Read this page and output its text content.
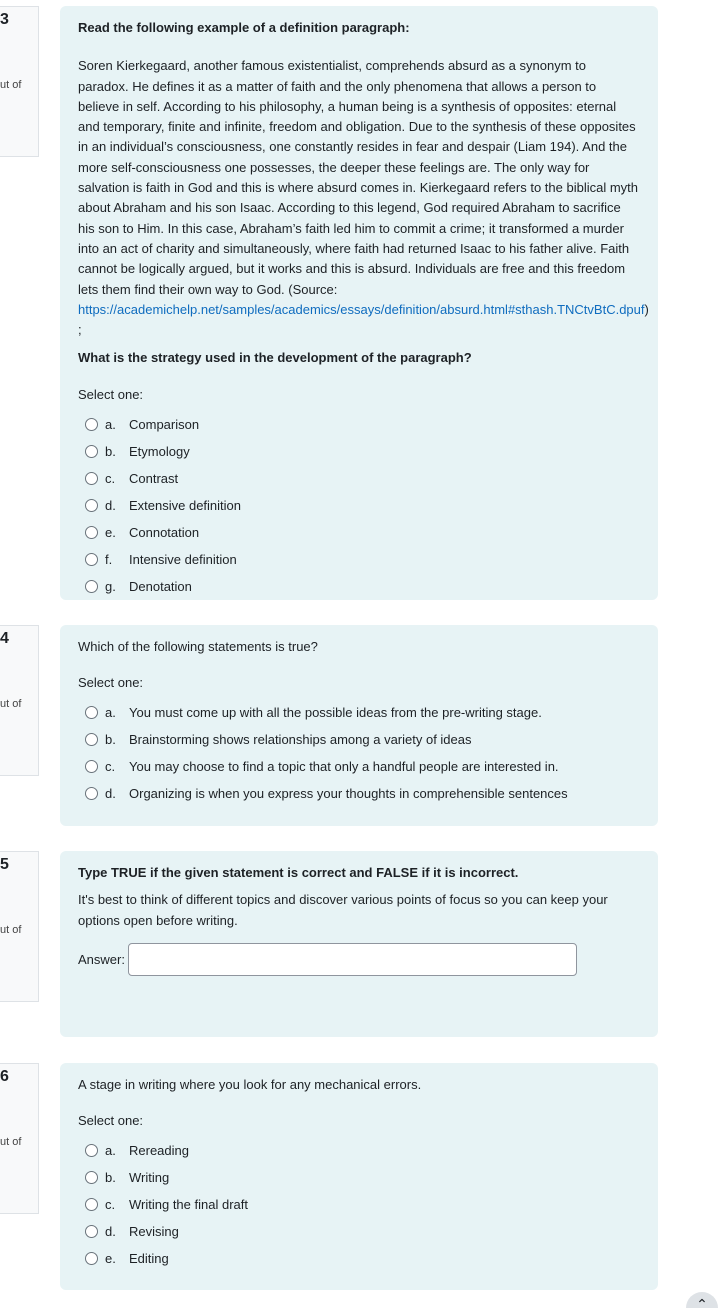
3
ut of
Read the following example of a definition paragraph:
Soren Kierkegaard, another famous existentialist, comprehends absurd as a synonym to paradox. He defines it as a matter of faith and the only phenomena that allows a person to believe in self. According to his philosophy, a human being is a synthesis of opposites: eternal and temporary, finite and infinite, freedom and obligation. Due to the synthesis of these opposites in an individual’s consciousness, one constantly resides in fear and despair (Liam 194). And the more self-consciousness one possesses, the deeper these feelings are. The only way for salvation is faith in God and this is where absurd comes in. Kierkegaard refers to the biblical myth about Abraham and his son Isaac. According to this legend, God required Abraham to sacrifice his son to Him. In this case, Abraham’s faith led him to commit a crime; it transformed a murder into an act of charity and simultaneously, where faith had returned Isaac to his father alive. Faith cannot be logically argued, but it works and this is absurd. Individuals are free and this freedom lets them find their own way to God. (Source: https://academichelp.net/samples/academics/essays/definition/absurd.html#sthash.TNCtvBtC.dpuf) ;
What is the strategy used in the development of the paragraph?
Select one:
a.	Comparison
b.	Etymology
c.	Contrast
d.	Extensive definition
e.	Connotation
f.	Intensive definition
g.	Denotation
4
ut of
Which of the following statements is true?
Select one:
a.	You must come up with all the possible ideas from the pre-writing stage.
b.	Brainstorming shows relationships among a variety of ideas
c.	You may choose to find a topic that only a handful people are interested in.
d.	Organizing is when you express your thoughts in comprehensible sentences
5
ut of
Type TRUE if the given statement is correct and FALSE if it is incorrect.
It's best to think of different topics and discover various points of focus so you can keep your options open before writing.
Answer:
6
ut of
A stage in writing where you look for any mechanical errors.
Select one:
a.	Rereading
b.	Writing
c.	Writing the final draft
d.	Revising
e.	Editing
⌃
